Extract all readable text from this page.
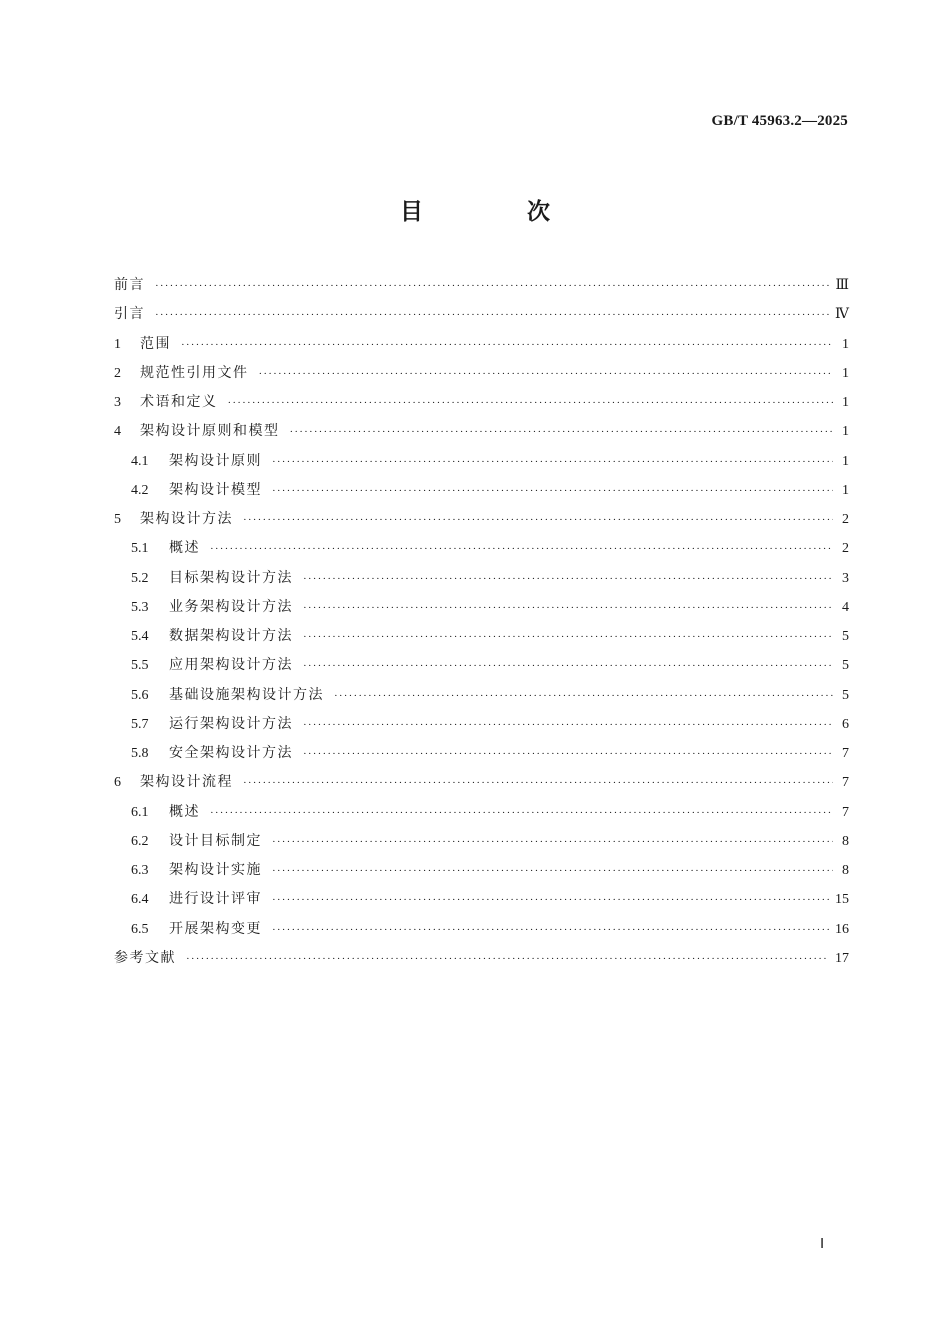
GB/T 45963.2—2025
目 次
前言 ·····	Ⅲ
引言 ·····	Ⅳ
1	范围 ·····	1
2	规范性引用文件 ·····	1
3	术语和定义 ·····	1
4	架构设计原则和模型 ·····	1
4.1	架构设计原则 ·····	1
4.2	架构设计模型 ·····	1
5	架构设计方法 ·····	2
5.1	概述 ·····	2
5.2	目标架构设计方法 ·····	3
5.3	业务架构设计方法 ·····	4
5.4	数据架构设计方法 ·····	5
5.5	应用架构设计方法 ·····	5
5.6	基础设施架构设计方法 ·····	5
5.7	运行架构设计方法 ·····	6
5.8	安全架构设计方法 ·····	7
6	架构设计流程 ·····	7
6.1	概述 ·····	7
6.2	设计目标制定 ·····	8
6.3	架构设计实施 ·····	8
6.4	进行设计评审 ·····	15
6.5	开展架构变更 ·····	16
参考文献 ·····	17
Ⅰ
